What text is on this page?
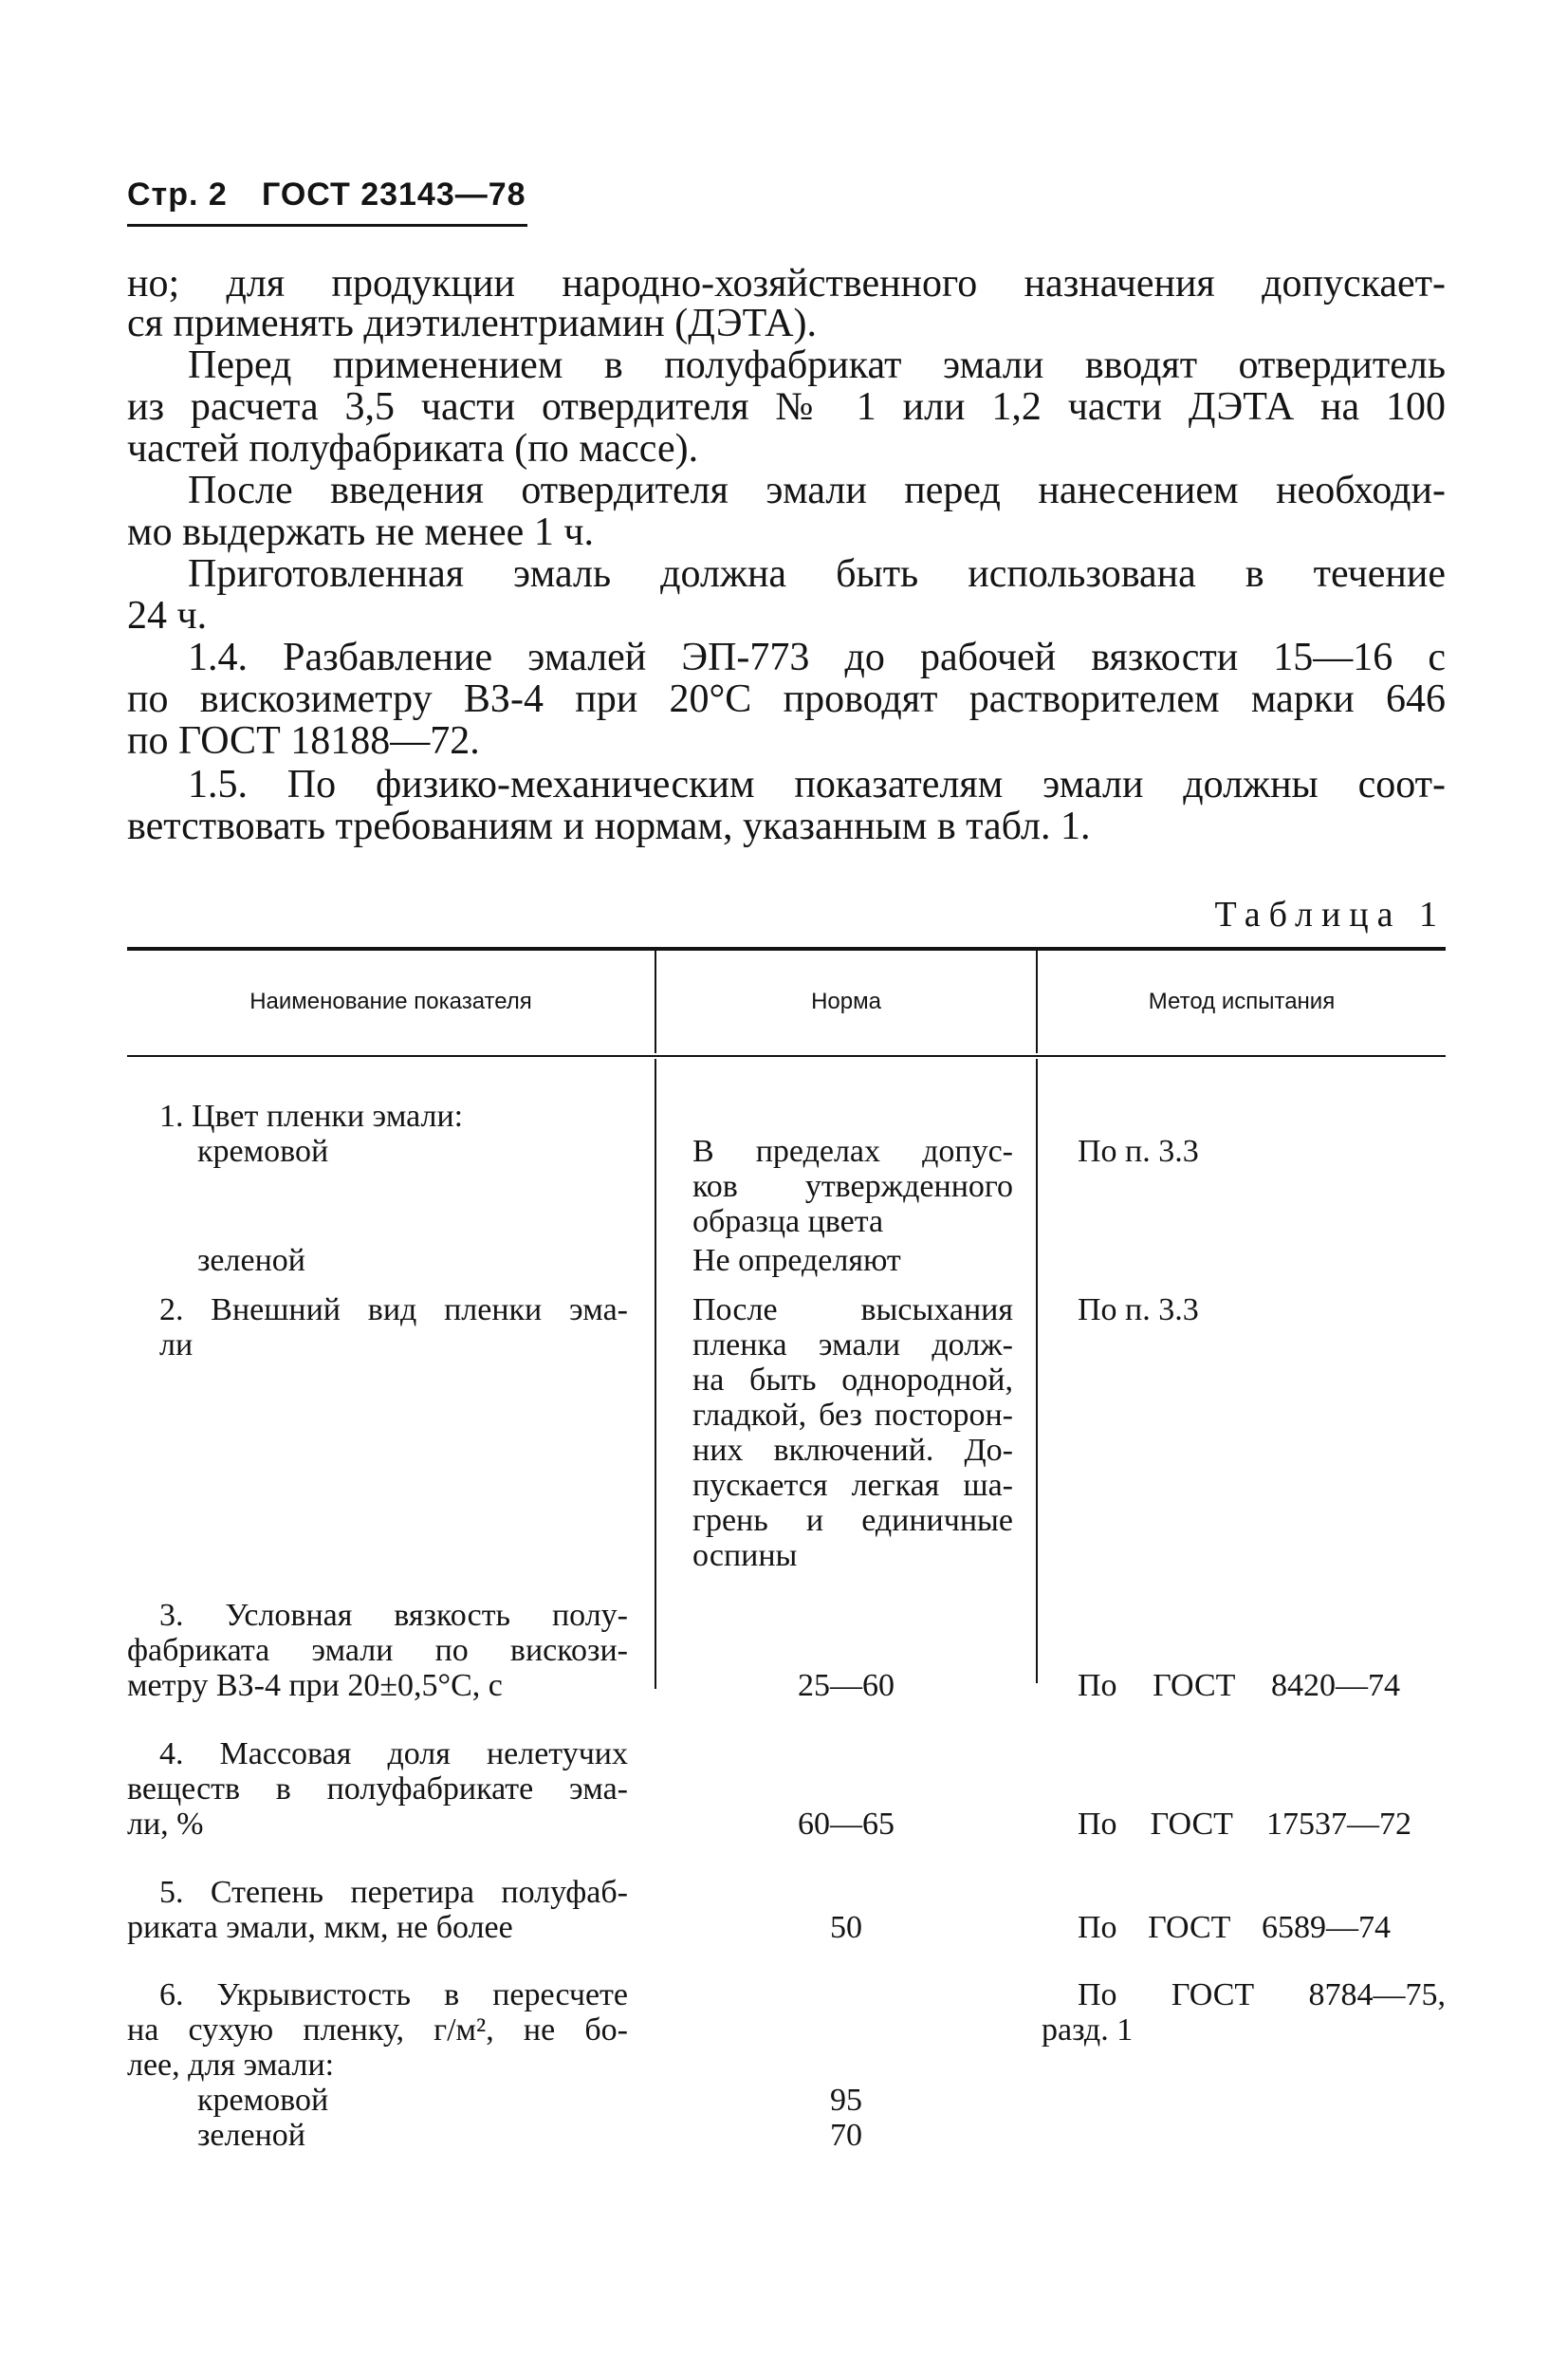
Стр. 2 ГОСТ 23143—78
но; для продукции народно-хозяйственного назначения допускает-
ся применять диэтилентриамин (ДЭТА).
Перед применением в полуфабрикат эмали вводят отвердитель
из расчета 3,5 части отвердителя № 1 или 1,2 части ДЭТА на 100
частей полуфабриката (по массе).
После введения отвердителя эмали перед нанесением необходи-
мо выдержать не менее 1 ч.
Приготовленная эмаль должна быть использована в течение
24 ч.
1.4. Разбавление эмалей ЭП-773 до рабочей вязкости 15—16 с
по вискозиметру ВЗ-4 при 20°С проводят растворителем марки 646
по ГОСТ 18188—72.
1.5. По физико-механическим показателям эмали должны соот-
ветствовать требованиям и нормам, указанным в табл. 1.
Таблица 1
Наименование показателя	Норма	Метод испытания
1. Цвет пленки эмали:
кремовой
зеленой
2. Внешний вид пленки эма-
ли
3. Условная вязкость полу-
фабриката эмали по вискози-
метру ВЗ-4 при 20±0,5°С, с
4. Массовая доля нелетучих
веществ в полуфабрикате эма-
ли, %
5. Степень перетира полуфаб-
риката эмали, мкм, не более
6. Укрывистость в пересчете
на сухую пленку, г/м², не бо-
лее, для эмали:
кремовой
зеленой
В пределах допус-
ков утвержденного
образца цвета
Не определяют
После высыхания
пленка эмали долж-
на быть однородной,
гладкой, без посторон-
них включений. До-
пускается легкая ша-
грень и единичные
оспины
25—60
60—65
50
95
70
По п. 3.3
По п. 3.3
По ГОСТ 8420—74
По ГОСТ 17537—72
По ГОСТ 6589—74
По ГОСТ 8784—75,
разд. 1
